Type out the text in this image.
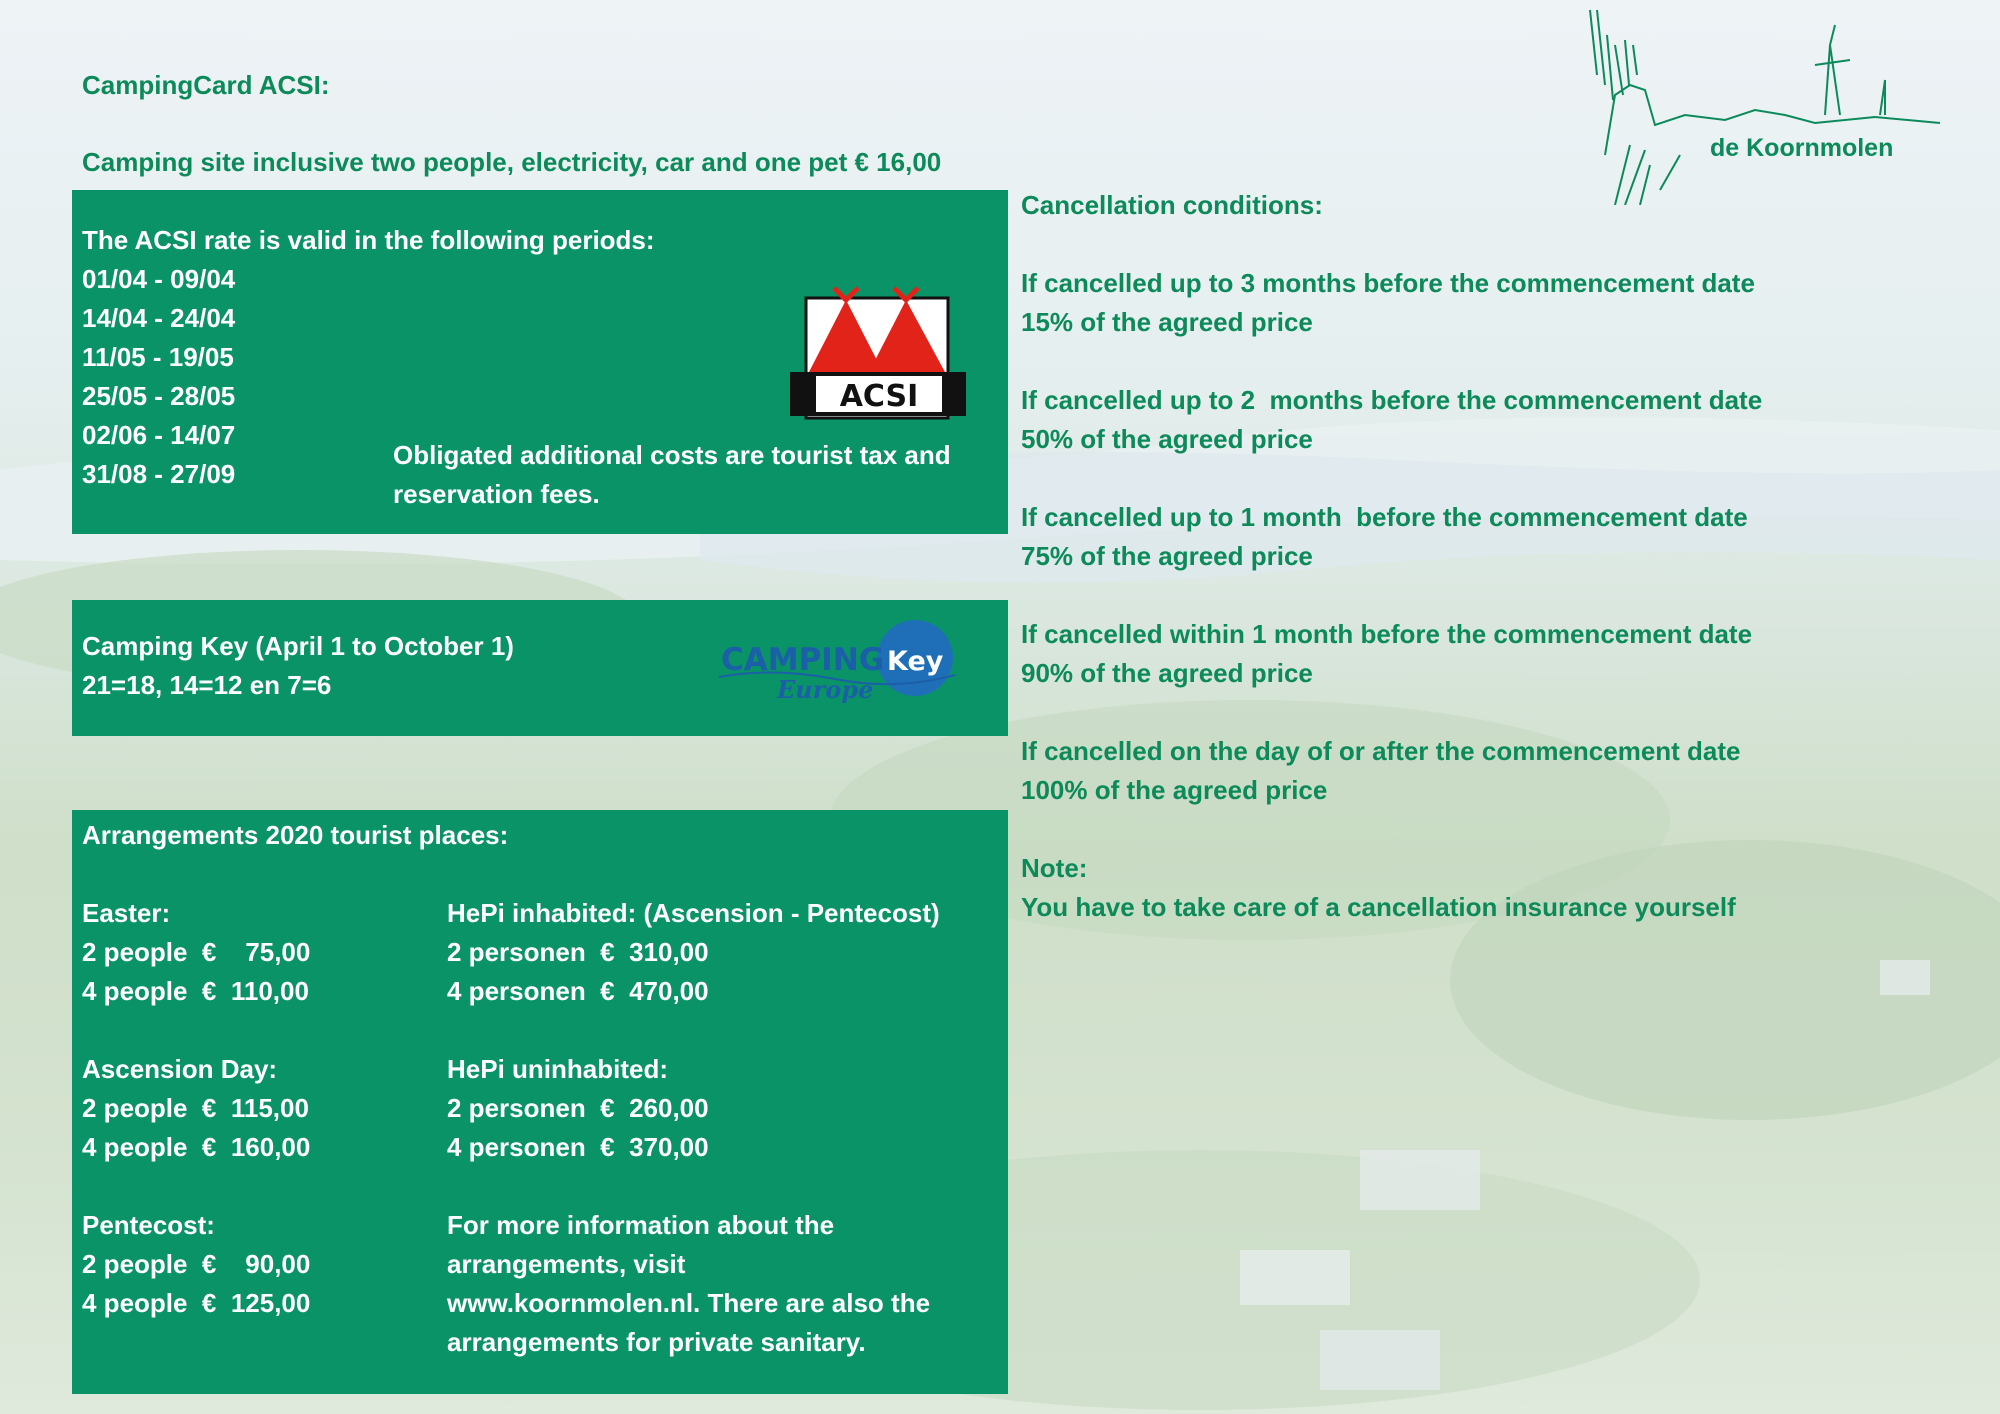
CampingCard ACSI:
Camping site inclusive two people, electricity, car and one pet € 16,00	de Koornmolen
The ACSI rate is valid in the following periods:
01/04 - 09/04
14/04 - 24/04
11/05 - 19/05
25/05 - 28/05
02/06 - 14/07
31/08 - 27/09
Obligated additional costs are tourist tax and
reservation fees.
ACSI
Camping Key (April 1 to October 1)
21=18, 14=12 en 7=6
CAMPING Key
Europe
Arrangements 2020 tourist places:
Easter:
2 people  €    75,00
4 people  €  110,00
Ascension Day:
2 people  €  115,00
4 people  €  160,00
Pentecost:
2 people  €    90,00
4 people  €  125,00
HePi inhabited: (Ascension - Pentecost)
2 personen  €  310,00
4 personen  €  470,00
HePi uninhabited:
2 personen  €  260,00
4 personen  €  370,00
For more information about the
arrangements, visit
www.koornmolen.nl. There are also the
arrangements for private sanitary.
Cancellation conditions:
If cancelled up to 3 months before the commencement date
15% of the agreed price
If cancelled up to 2  months before the commencement date
50% of the agreed price
If cancelled up to 1 month  before the commencement date
75% of the agreed price
If cancelled within 1 month before the commencement date
90% of the agreed price
If cancelled on the day of or after the commencement date
100% of the agreed price
Note:
You have to take care of a cancellation insurance yourself
